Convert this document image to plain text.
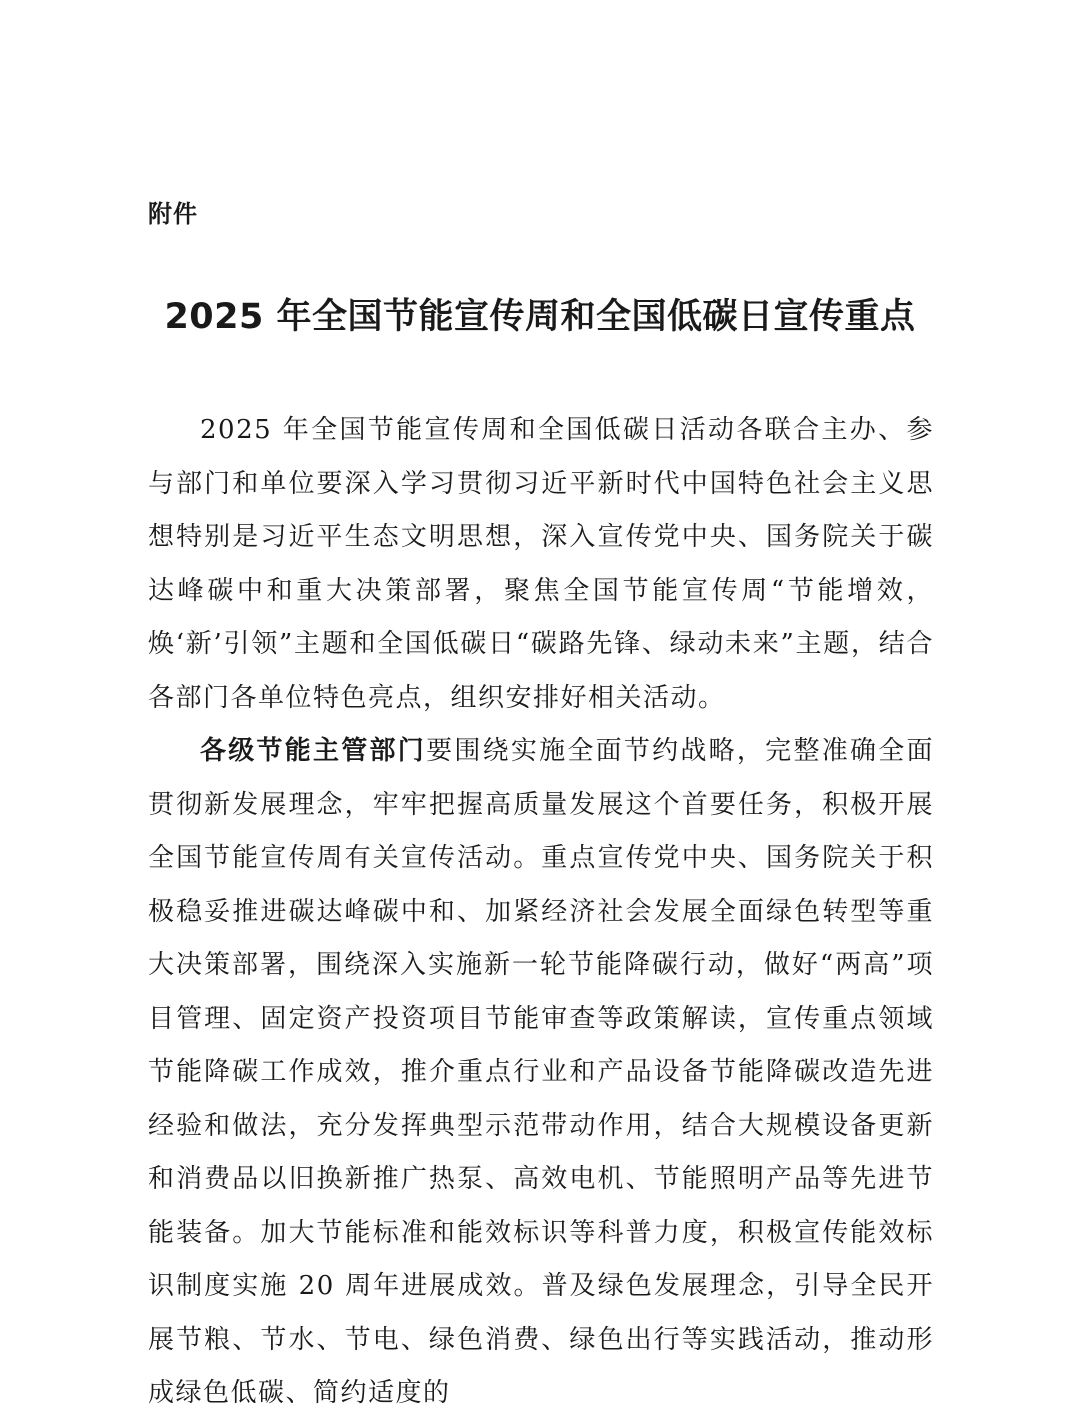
附件
2025 年全国节能宣传周和全国低碳日宣传重点

2025 年全国节能宣传周和全国低碳日活动各联合主办、参与部门和单位要深入学习贯彻习近平新时代中国特色社会主义思想特别是习近平生态文明思想，深入宣传党中央、国务院关于碳达峰碳中和重大决策部署，聚焦全国节能宣传周“节能增效，焕‘新’引领”主题和全国低碳日“碳路先锋、绿动未来”主题，结合各部门各单位特色亮点，组织安排好相关活动。

各级节能主管部门要围绕实施全面节约战略，完整准确全面贯彻新发展理念，牢牢把握高质量发展这个首要任务，积极开展全国节能宣传周有关宣传活动。重点宣传党中央、国务院关于积极稳妥推进碳达峰碳中和、加紧经济社会发展全面绿色转型等重大决策部署，围绕深入实施新一轮节能降碳行动，做好“两高”项目管理、固定资产投资项目节能审查等政策解读，宣传重点领域节能降碳工作成效，推介重点行业和产品设备节能降碳改造先进经验和做法，充分发挥典型示范带动作用，结合大规模设备更新和消费品以旧换新推广热泵、高效电机、节能照明产品等先进节能装备。加大节能标准和能效标识等科普力度，积极宣传能效标识制度实施 20 周年进展成效。普及绿色发展理念，引导全民开展节粮、节水、节电、绿色消费、绿色出行等实践活动，推动形成绿色低碳、简约适度的
